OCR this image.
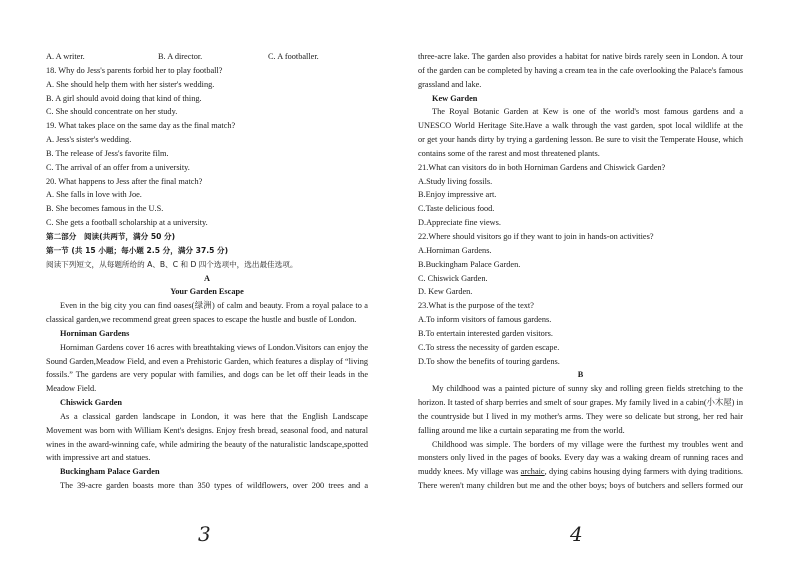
A. A writer.	B. A director.	C. A footballer.
18. Why do Jess's parents forbid her to play football?
A. She should help them with her sister's wedding.
B. A girl should avoid doing that kind of thing.
C. She should concentrate on her study.
19. What takes place on the same day as the final match?
A. Jess's sister's wedding.
B. The release of Jess's favorite film.
C. The arrival of an offer from a university.
20. What happens to Jess after the final match?
A. She falls in love with Joe.
B. She becomes famous in the U.S.
C. She gets a football scholarship at a university.
第二部分　阅读(共两节，满分 50 分)
第一节 (共 15 小题；每小题 2.5 分，满分 37.5 分)
阅读下列短文，从每题所给的 A、B、C 和 D 四个选项中，选出最佳选项。
A
Your Garden Escape
Even in the big city you can find oases(绿洲) of calm and beauty. From a royal palace to a
classical garden,we recommend great green spaces to escape the hustle and bustle of London.
Horniman Gardens
Horniman Gardens cover 16 acres with breathtaking views of London.Visitors can enjoy the
Sound Garden,Meadow Field, and even a Prehistoric Garden, which features a display of “living
fossils.” The gardens are very popular with families, and dogs can be let off their leads in the
Meadow Field.
Chiswick Garden
As a classical garden landscape in London, it was here that the English Landscape
Movement was born with William Kent's designs. Enjoy fresh bread, seasonal food, and natural
wines in the award-winning cafe, while admiring the beauty of the naturalistic landscape,spotted
with impressive art and statues.
Buckingham Palace Garden
The 39-acre garden boasts more than 350 types of wildflowers, over 200 trees and a
3
three-acre lake. The garden also provides a habitat for native birds rarely seen in London. A tour
of the garden can be completed by having a cream tea in the cafe overlooking the Palace's famous
grassland and lake.
Kew Garden
The Royal Botanic Garden at Kew is one of the world's most famous gardens and a
UNESCO World Heritage Site.Have a walk through the vast garden, spot local wildlife at the
or get your hands dirty by trying a gardening lesson. Be sure to visit the Temperate House, which
contains some of the rarest and most threatened plants.
21.What can visitors do in both Horniman Gardens and Chiswick Garden?
A.Study living fossils.
B.Enjoy impressive art.
C.Taste delicious food.
D.Appreciate fine views.
22.Where should visitors go if they want to join in hands-on activities?
A.Horniman Gardens.
B.Buckingham Palace Garden.
C. Chiswick Garden.
D. Kew Garden.
23.What is the purpose of the text?
A.To inform visitors of famous gardens.
B.To entertain interested garden visitors.
C.To stress the necessity of garden escape.
D.To show the benefits of touring gardens.
B
My childhood was a painted picture of sunny sky and rolling green fields stretching to the
horizon. It tasted of sharp berries and smelt of sour grapes. My family lived in a cabin(小木屋) in
the countryside but I lived in my mother's arms. They were so delicate but strong, her red hair
falling around me like a curtain separating me from the world.
Childhood was simple. The borders of my village were the furthest my troubles went and
monsters only lived in the pages of books. Every day was a waking dream of running races and
muddy knees. My village was archaic, dying cabins housing dying farmers with dying traditions.
There weren't many children but me and the other boys; boys of butchers and sellers formed our
4
